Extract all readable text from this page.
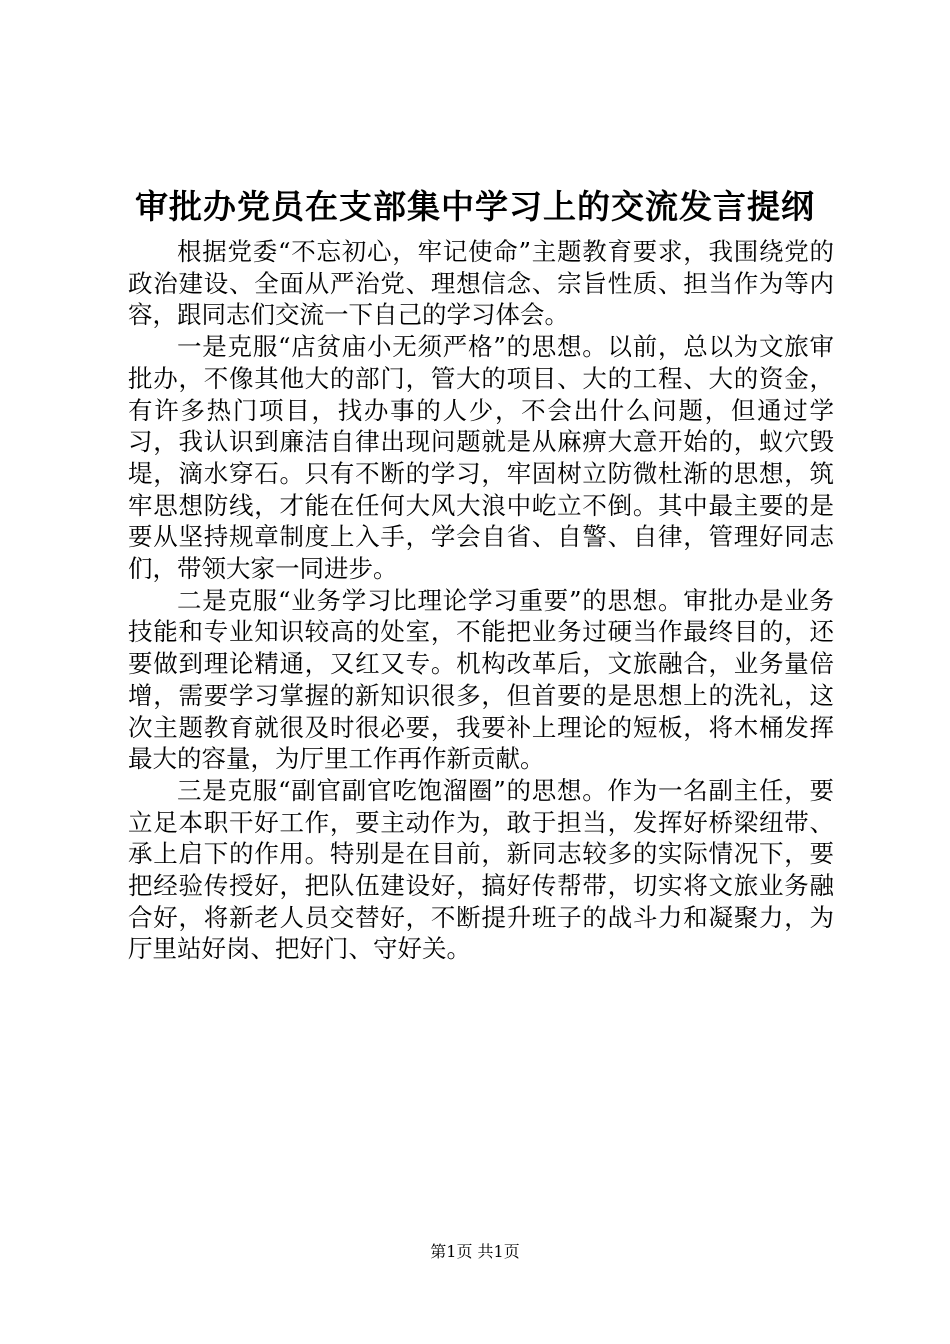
审批办党员在支部集中学习上的交流发言提纲

根据党委“不忘初心，牢记使命”主题教育要求，我围绕党的政治建设、全面从严治党、理想信念、宗旨性质、担当作为等内容，跟同志们交流一下自己的学习体会。

一是克服“店贫庙小无须严格”的思想。以前，总以为文旅审批办，不像其他大的部门，管大的项目、大的工程、大的资金，有许多热门项目，找办事的人少，不会出什么问题，但通过学习，我认识到廉洁自律出现问题就是从麻痹大意开始的，蚁穴毁堤，滴水穿石。只有不断的学习，牢固树立防微杜渐的思想，筑牢思想防线，才能在任何大风大浪中屹立不倒。其中最主要的是要从坚持规章制度上入手，学会自省、自警、自律，管理好同志们，带领大家一同进步。

二是克服“业务学习比理论学习重要”的思想。审批办是业务技能和专业知识较高的处室，不能把业务过硬当作最终目的，还要做到理论精通，又红又专。机构改革后，文旅融合，业务量倍增，需要学习掌握的新知识很多，但首要的是思想上的洗礼，这次主题教育就很及时很必要，我要补上理论的短板，将木桶发挥最大的容量，为厅里工作再作新贡献。

三是克服“副官副官吃饱溜圈”的思想。作为一名副主任，要立足本职干好工作，要主动作为，敢于担当，发挥好桥梁纽带、承上启下的作用。特别是在目前，新同志较多的实际情况下，要把经验传授好，把队伍建设好，搞好传帮带，切实将文旅业务融合好，将新老人员交替好，不断提升班子的战斗力和凝聚力，为厅里站好岗、把好门、守好关。

第1页 共1页
